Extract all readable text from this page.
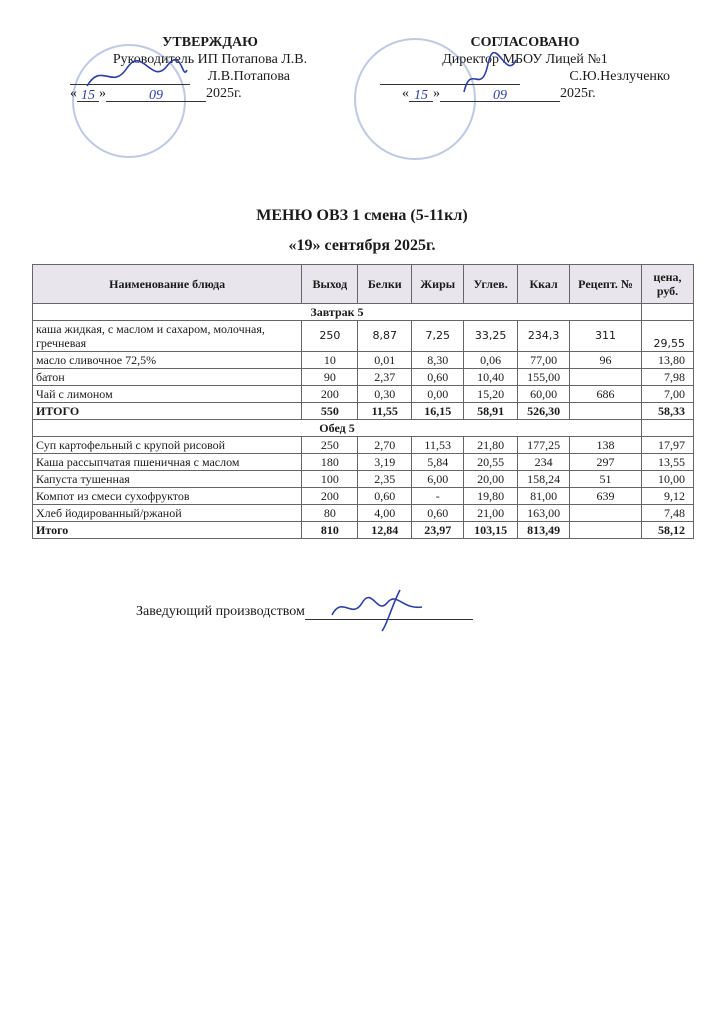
УТВЕРЖДАЮ
Руководитель ИП Потапова Л.В.
Л.В.Потапова
« 15 »	09	2025г.
СОГЛАСОВАНО
Директор МБОУ Лицей №1
С.Ю.Незлученко
« 15 »	09	2025г.
МЕНЮ ОВЗ 1 смена (5-11кл)
«19» сентября 2025г.
Наименование блюда	Выход	Белки	Жиры	Углев.	Ккал	Рецепт. №	цена, руб.
Завтрак 5							
каша жидкая, с маслом и сахаром, молочная, гречневая	250	8,87	7,25	33,25	234,3	311	29,55
масло сливочное 72,5%	10	0,01	8,30	0,06	77,00	96	13,80
батон	90	2,37	0,60	10,40	155,00		7,98
Чай с лимоном	200	0,30	0,00	15,20	60,00	686	7,00
ИТОГО	550	11,55	16,15	58,91	526,30		58,33
Обед 5							
Суп картофельный с крупой рисовой	250	2,70	11,53	21,80	177,25	138	17,97
Каша рассыпчатая пшеничная с маслом	180	3,19	5,84	20,55	234	297	13,55
Капуста тушенная	100	2,35	6,00	20,00	158,24	51	10,00
Компот из смеси сухофруктов	200	0,60	-	19,80	81,00	639	9,12
Хлеб йодированный/ржаной	80	4,00	0,60	21,00	163,00		7,48
Итого	810	12,84	23,97	103,15	813,49		58,12
Заведующий производством
